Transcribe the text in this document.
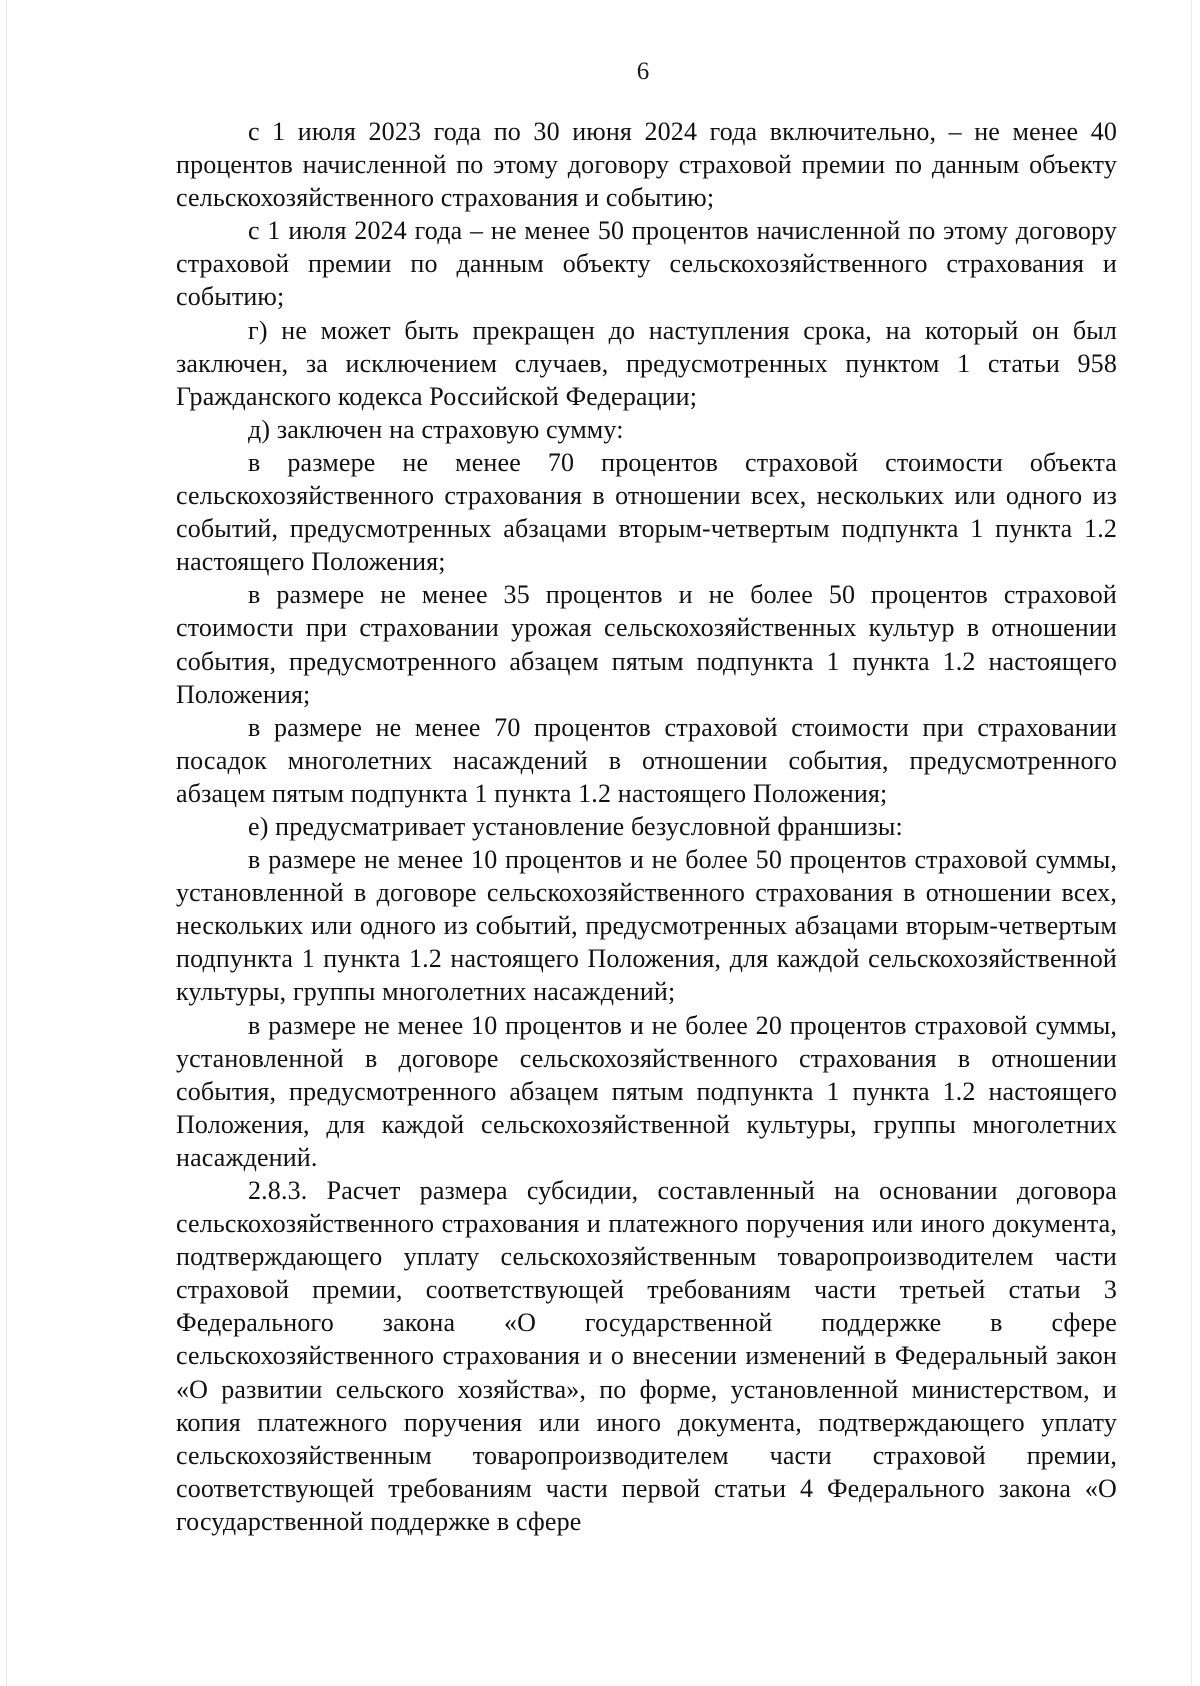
6

с 1 июля 2023 года по 30 июня 2024 года включительно, – не менее 40 процентов начисленной по этому договору страховой премии по данным объекту сельскохозяйственного страхования и событию;

с 1 июля 2024 года – не менее 50 процентов начисленной по этому договору страховой премии по данным объекту сельскохозяйственного страхования и событию;

г) не может быть прекращен до наступления срока, на который он был заключен, за исключением случаев, предусмотренных пунктом 1 статьи 958 Гражданского кодекса Российской Федерации;

д) заключен на страховую сумму:

в размере не менее 70 процентов страховой стоимости объекта сельскохозяйственного страхования в отношении всех, нескольких или одного из событий, предусмотренных абзацами вторым-четвертым подпункта 1 пункта 1.2 настоящего Положения;

в размере не менее 35 процентов и не более 50 процентов страховой стоимости при страховании урожая сельскохозяйственных культур в отношении события, предусмотренного абзацем пятым подпункта 1 пункта 1.2 настоящего Положения;

в размере не менее 70 процентов страховой стоимости при страховании посадок многолетних насаждений в отношении события, предусмотренного абзацем пятым подпункта 1 пункта 1.2 настоящего Положения;

е) предусматривает установление безусловной франшизы:

в размере не менее 10 процентов и не более 50 процентов страховой суммы, установленной в договоре сельскохозяйственного страхования в отношении всех, нескольких или одного из событий, предусмотренных абзацами вторым-четвертым подпункта 1 пункта 1.2 настоящего Положения, для каждой сельскохозяйственной культуры, группы многолетних насаждений;

в размере не менее 10 процентов и не более 20 процентов страховой суммы, установленной в договоре сельскохозяйственного страхования в отношении события, предусмотренного абзацем пятым подпункта 1 пункта 1.2 настоящего Положения, для каждой сельскохозяйственной культуры, группы многолетних насаждений.

2.8.3. Расчет размера субсидии, составленный на основании договора сельскохозяйственного страхования и платежного поручения или иного документа, подтверждающего уплату сельскохозяйственным товаропроизводителем части страховой премии, соответствующей требованиям части третьей статьи 3 Федерального закона «О государственной поддержке в сфере сельскохозяйственного страхования и о внесении изменений в Федеральный закон «О развитии сельского хозяйства», по форме, установленной министерством, и копия платежного поручения или иного документа, подтверждающего уплату сельскохозяйственным товаропроизводителем части страховой премии, соответствующей требованиям части первой статьи 4 Федерального закона «О государственной поддержке в сфере
